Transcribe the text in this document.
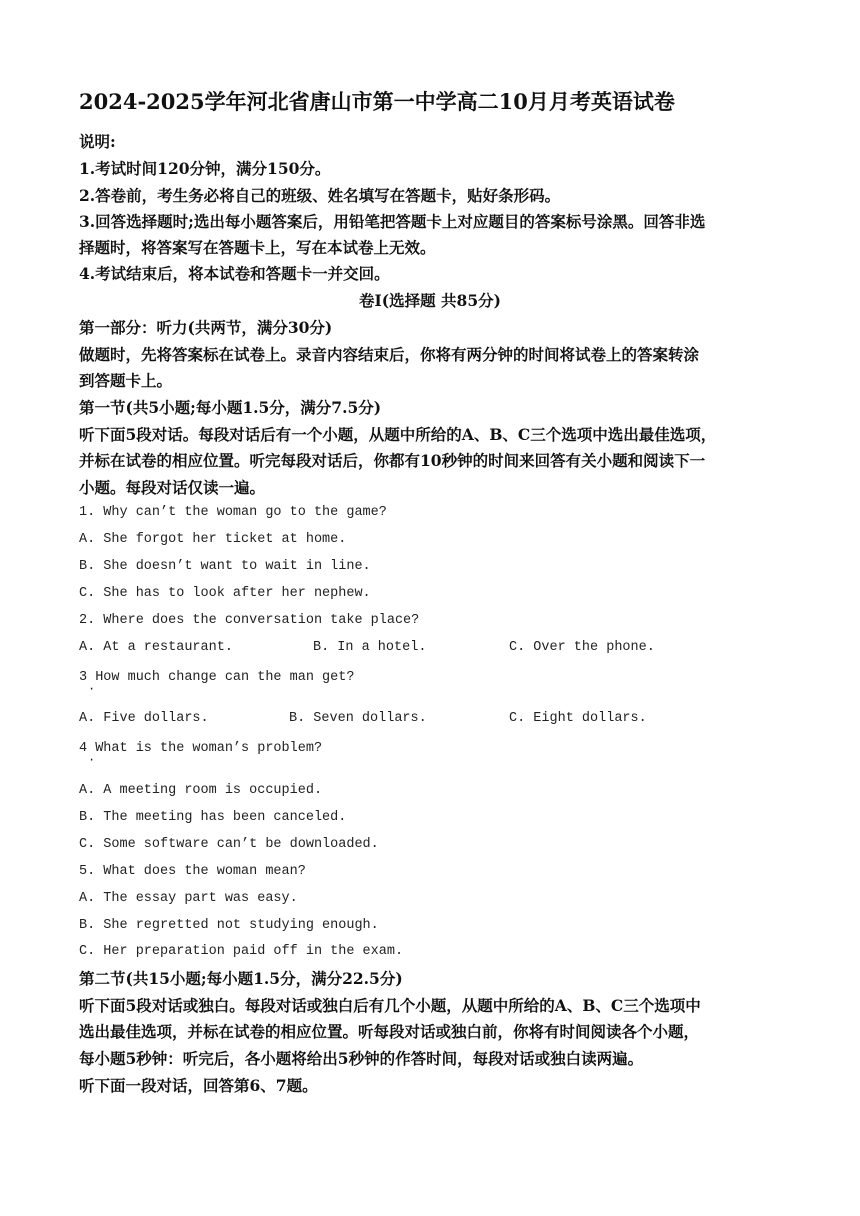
2024-2025学年河北省唐山市第一中学高二10月月考英语试卷
说明:
1.考试时间120分钟，满分150分。
2.答卷前，考生务必将自己的班级、姓名填写在答题卡，贴好条形码。
3.回答选择题时;选出每小题答案后，用铅笔把答题卡上对应题目的答案标号涂黑。回答非选
择题时，将答案写在答题卡上，写在本试卷上无效。
4.考试结束后，将本试卷和答题卡一并交回。
卷Ⅰ(选择题 共85分)
第一部分：听力(共两节，满分30分)
做题时，先将答案标在试卷上。录音内容结束后，你将有两分钟的时间将试卷上的答案转涂
到答题卡上。
第一节(共5小题;每小题1.5分，满分7.5分)
听下面5段对话。每段对话后有一个小题，从题中所给的A、B、C三个选项中选出最佳选项，
并标在试卷的相应位置。听完每段对话后，你都有10秒钟的时间来回答有关小题和阅读下一
小题。每段对话仅读一遍。
1. Why can’t the woman go to the game?
A. She forgot her ticket at home.
B. She doesn’t want to wait in line.
C. She has to look after her nephew.
2. Where does the conversation take place?
A. At a restaurant.	B. In a hotel.	C. Over the phone.
3 How much change can the man get?
·
A. Five dollars.	B. Seven dollars.	C. Eight dollars.
4 What is the woman’s problem?
·
A. A meeting room is occupied.
B. The meeting has been canceled.
C. Some software can’t be downloaded.
5. What does the woman mean?
A. The essay part was easy.
B. She regretted not studying enough.
C. Her preparation paid off in the exam.
第二节(共15小题;每小题1.5分，满分22.5分)
听下面5段对话或独白。每段对话或独白后有几个小题，从题中所给的A、B、C三个选项中
选出最佳选项，并标在试卷的相应位置。听每段对话或独白前，你将有时间阅读各个小题，
每小题5秒钟：听完后，各小题将给出5秒钟的作答时间，每段对话或独白读两遍。
听下面一段对话，回答第6、7题。
